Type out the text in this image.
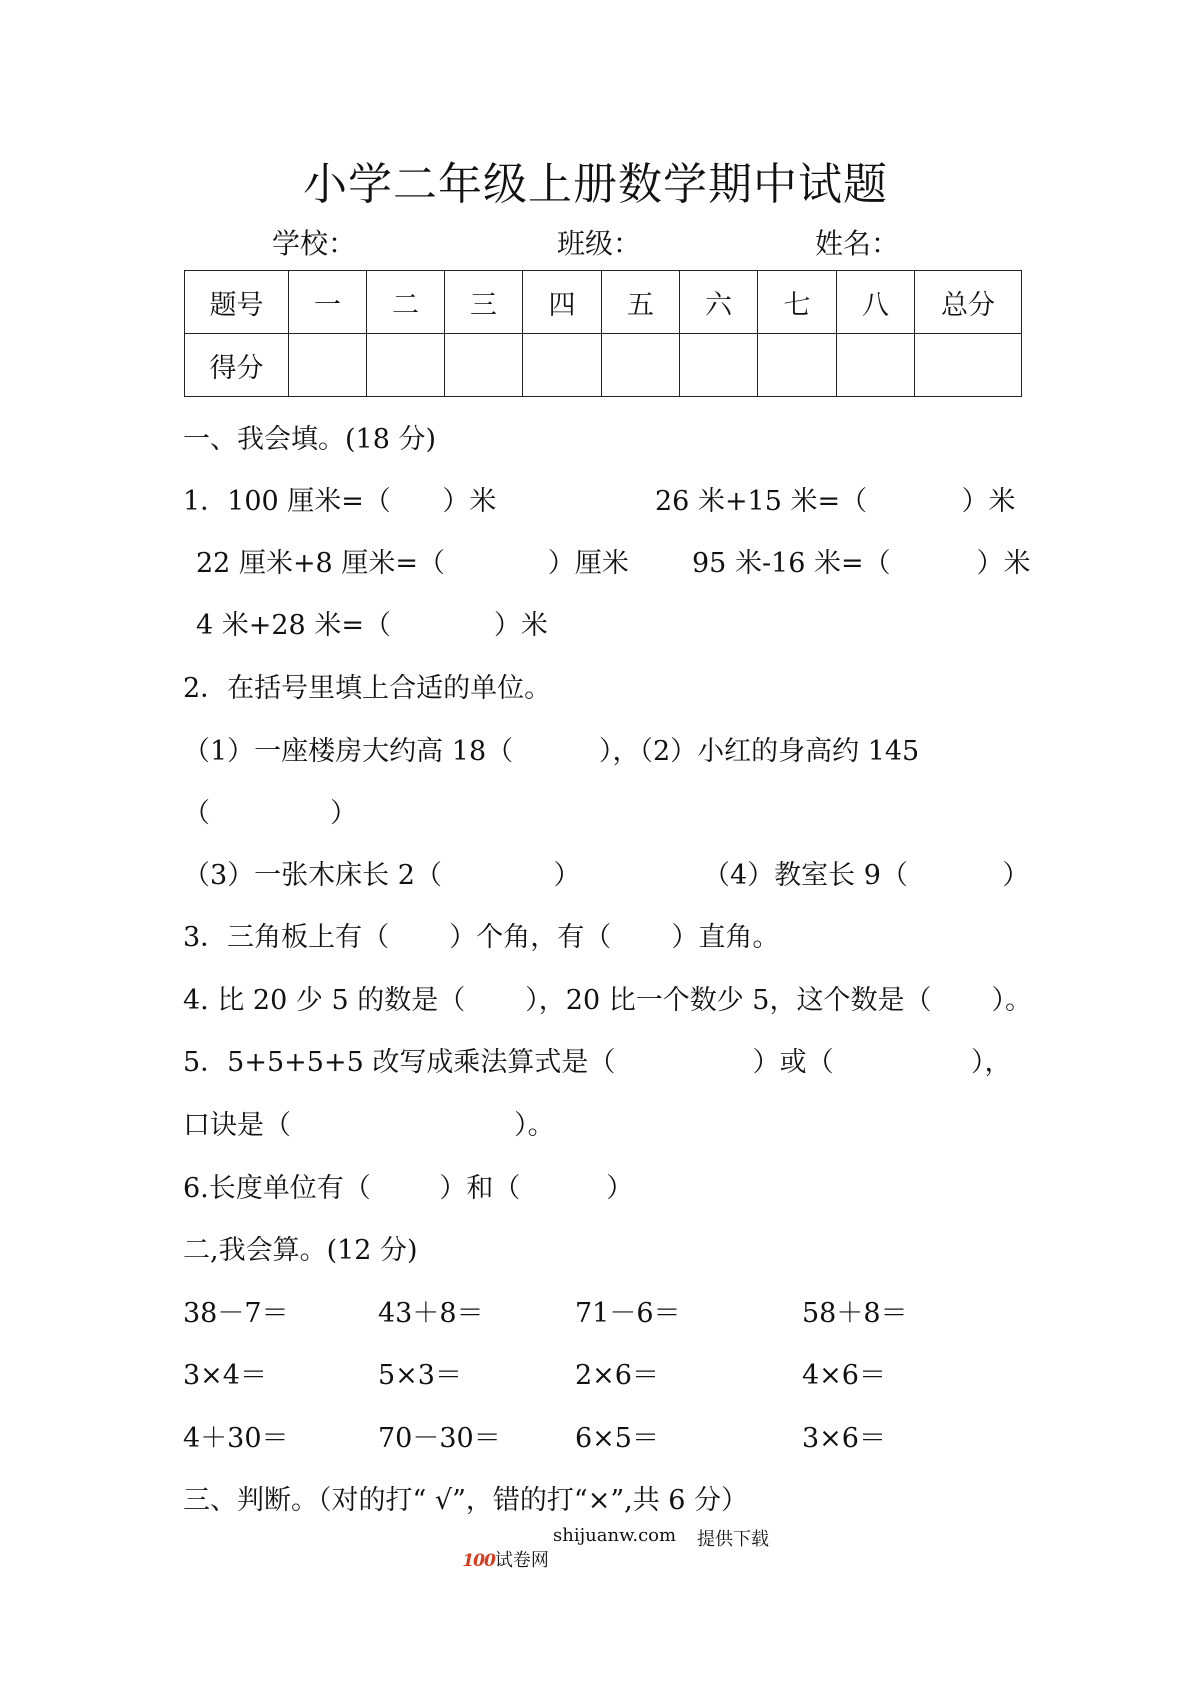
小学二年级上册数学期中试题
学校：	班级：	姓名：
题号	一	二	三	四	五	六	七	八	总分
得分									
一、我会填。(18 分)
1．100 厘米=（      ）米	26 米+15 米=（           ）米
22 厘米+8 厘米=（            ）厘米 95 米-16 米=（          ）米
4 米+28 米=（            ）米
2．在括号里填上合适的单位。
（1）一座楼房大约高 18（          ），（2）小红的身高约 145
（              ）
（3）一张木床长 2（             ）	（4）教室长 9（           ）
3．三角板上有（       ）个角，有（       ）直角。
4. 比 20 少 5 的数是（       ），20 比一个数少 5，这个数是（       ）。
5．5+5+5+5 改写成乘法算式是（                ）或（                ），
口诀是（                          ）。
6.长度单位有（        ）和（          ）
二,我会算。(12 分)
38－7＝	43＋8＝	71－6＝	58＋8＝
3×4＝	5×3＝	2×6＝	4×6＝
4＋30＝	70－30＝	6×5＝	3×6＝
三、判断。（对的打“ √”，错的打“×”,共 6 分）

100试卷网

shijuanw.com 提供下载
